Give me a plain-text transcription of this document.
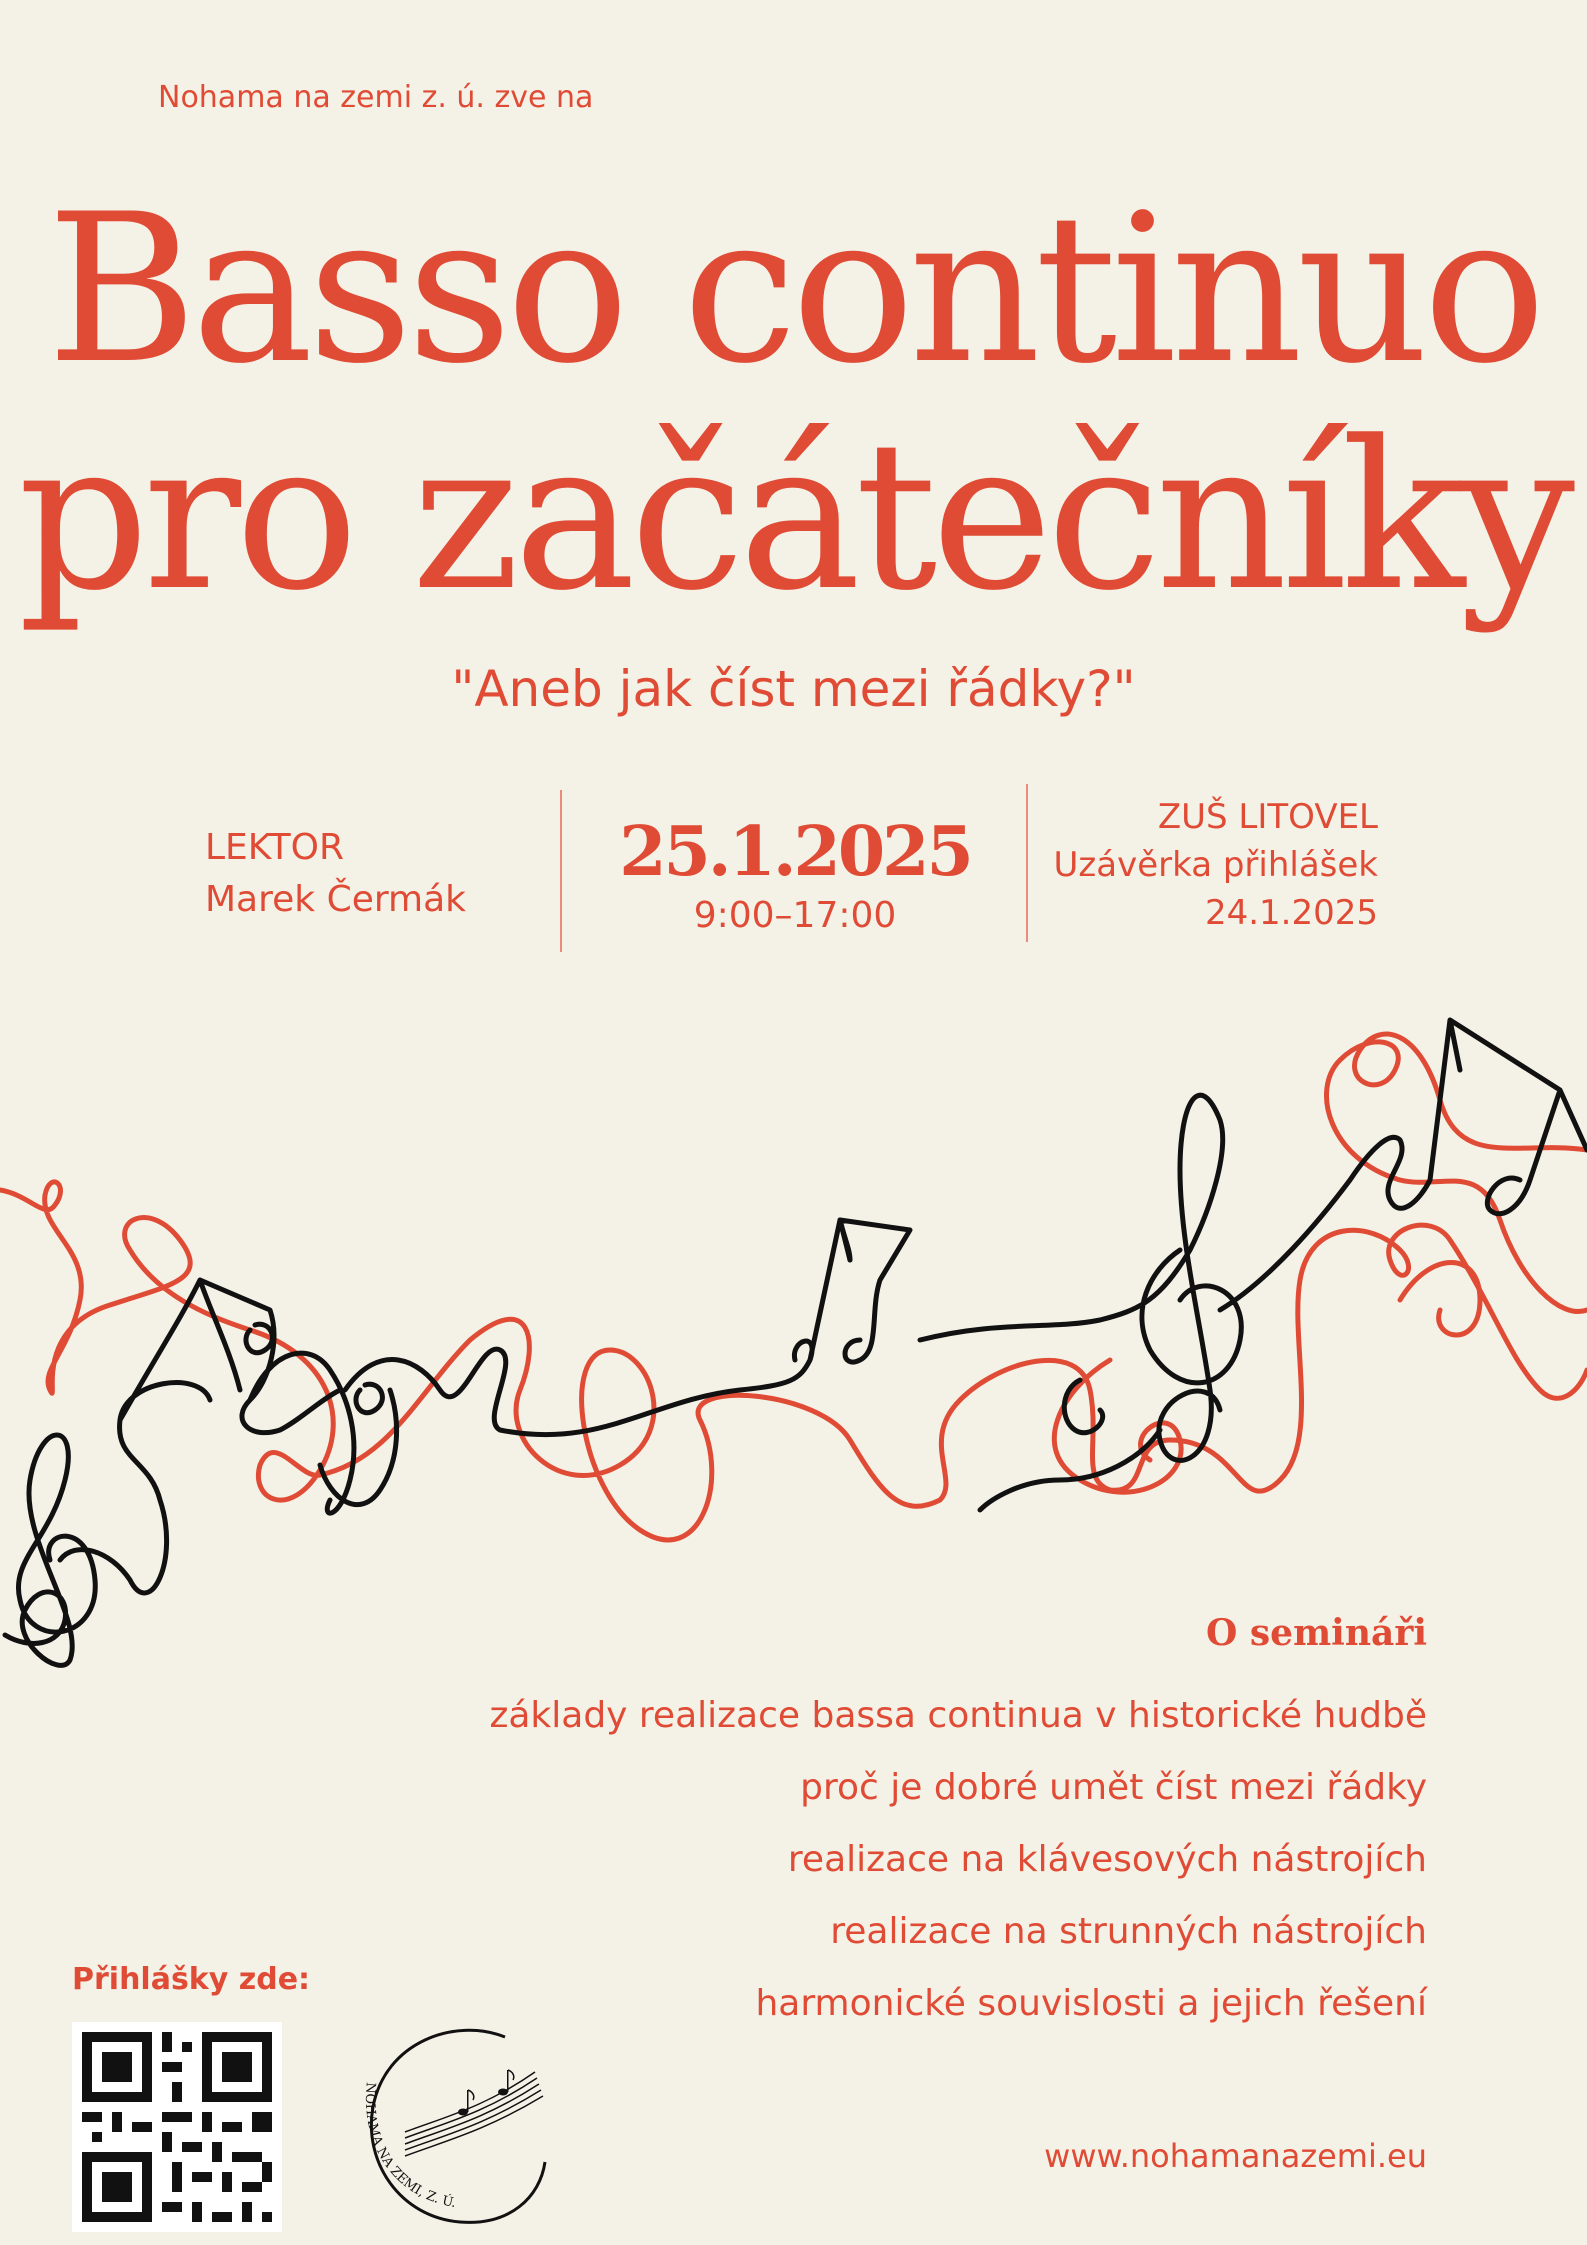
Nohama na zemi z. ú. zve na
Basso continuo
pro začátečníky
"Aneb jak číst mezi řádky?"
LEKTOR
Marek Čermák
25.1.2025
9:00–17:00
ZUŠ LITOVEL
Uzávěrka přihlášek
24.1.2025
O semináři
základy realizace bassa continua v historické hudbě
proč je dobré umět číst mezi řádky
realizace na klávesových nástrojích
realizace na strunných nástrojích
harmonické souvislosti a jejich řešení
Přihlášky zde:
NOHAMA NA ZEMI, Z. Ú.
www.nohamanazemi.eu
